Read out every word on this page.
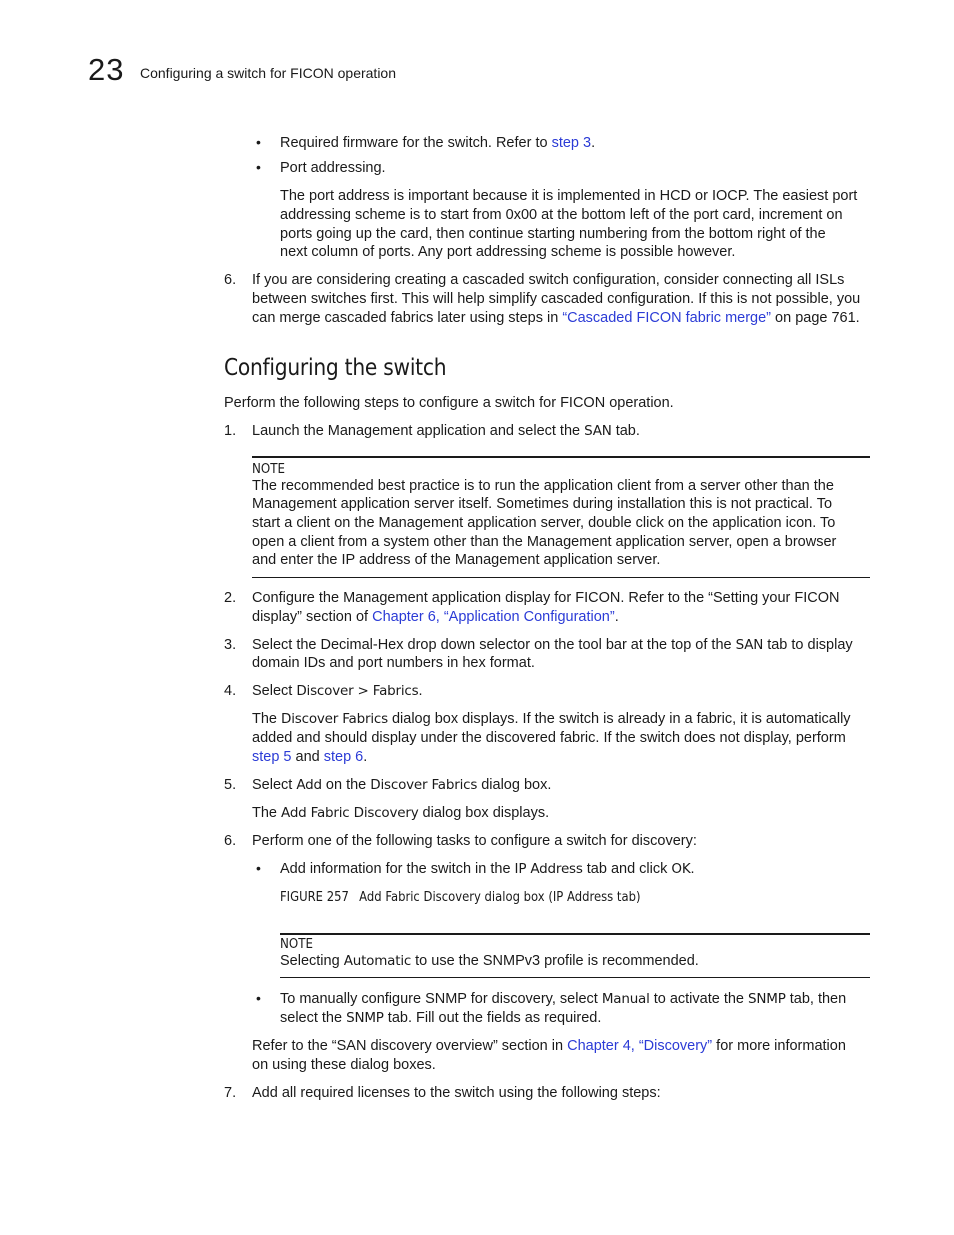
23 Configuring a switch for FICON operation
• Required firmware for the switch. Refer to step 3.
• Port addressing.
The port address is important because it is implemented in HCD or IOCP. The easiest port
addressing scheme is to start from 0x00 at the bottom left of the port card, increment on
ports going up the card, then continue starting numbering from the bottom right of the
next column of ports. Any port addressing scheme is possible however.
6. If you are considering creating a cascaded switch configuration, consider connecting all ISLs
between switches first. This will help simplify cascaded configuration. If this is not possible, you
can merge cascaded fabrics later using steps in “Cascaded FICON fabric merge” on page 761.
Configuring the switch
Perform the following steps to configure a switch for FICON operation.
1. Launch the Management application and select the SAN tab.
NOTE
The recommended best practice is to run the application client from a server other than the
Management application server itself. Sometimes during installation this is not practical. To
start a client on the Management application server, double click on the application icon. To
open a client from a system other than the Management application server, open a browser
and enter the IP address of the Management application server.
2. Configure the Management application display for FICON. Refer to the “Setting your FICON
display” section of Chapter 6, “Application Configuration”.
3. Select the Decimal-Hex drop down selector on the tool bar at the top of the SAN tab to display
domain IDs and port numbers in hex format.
4. Select Discover > Fabrics.
The Discover Fabrics dialog box displays. If the switch is already in a fabric, it is automatically
added and should display under the discovered fabric. If the switch does not display, perform
step 5 and step 6.
5. Select Add on the Discover Fabrics dialog box.
The Add Fabric Discovery dialog box displays.
6. Perform one of the following tasks to configure a switch for discovery:
• Add information for the switch in the IP Address tab and click OK.
FIGURE 257 Add Fabric Discovery dialog box (IP Address tab)
NOTE
Selecting Automatic to use the SNMPv3 profile is recommended.
• To manually configure SNMP for discovery, select Manual to activate the SNMP tab, then
select the SNMP tab. Fill out the fields as required.
Refer to the “SAN discovery overview” section in Chapter 4, “Discovery” for more information
on using these dialog boxes.
7. Add all required licenses to the switch using the following steps:
